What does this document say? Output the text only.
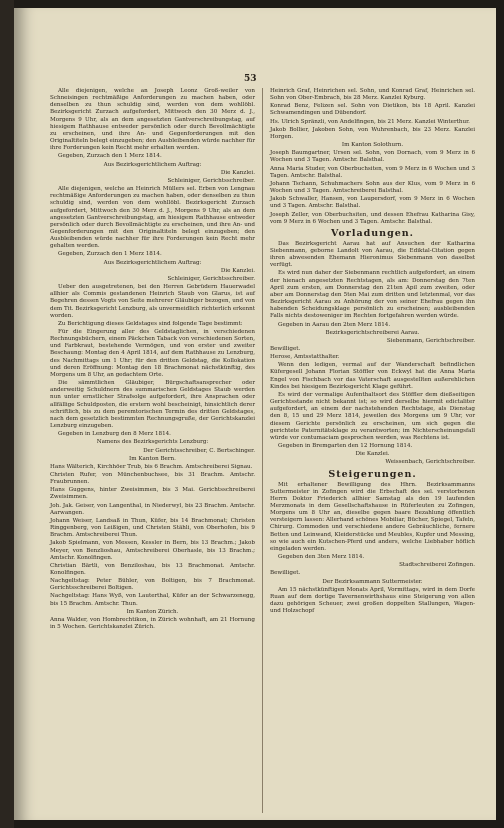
53

Alle diejenigen, welche an Joseph Leonz Groß-weiler von Schneisingen rechtmäßige Anforderungen zu machen haben, oder denselben zu thun schuldig sind, werden von dem wohllöbl. Bezirksgericht Zurzach aufgefordert, Mittwoch den 30 Merz d. J., Morgens 9 Uhr, als an dem angesetzten Gantverschreibungstag, auf hiesigem Rathhause entweder persönlich oder durch Bevollmächtigte zu erscheinen, und ihre An- und Gegenforderungen mit den Originaltiteln belegt einzugeben; den Ausbleibenden würde nachher für ihre Forderungen kein Recht mehr erhalten werden.

Gegeben, Zurzach den 1 Merz 1814.

Aus Bezirksgerichtlichem Auftrag:

Die Kanzlei.

Schleiniger, Gerichtsschreiber.

Alle diejenigen, welche an Heinrich Müllers sel. Erben von Lengnau rechtmäßige Anforderungen zu machen haben, oder denselben zu thun schuldig sind, werden von dem wohllöbl. Bezirksgericht Zurzach aufgefordert, Mittwoch den 30 Merz d. J., Morgens 9 Uhr, als an dem angesetzten Gantverschreibungstag, am hiesigem Rathhause entweder persönlich oder durch Bevollmächtigte zu erscheinen, und ihre An- und Gegenforderungen mit den Originaltiteln belegt einzugeben; den Ausbleibenden würde nachher für ihre Forderungen kein Recht mehr gehalten werden.

Gegeben, Zurzach den 1 Merz 1814.

Aus Bezirksgerichtlichem Auftrag:

Die Kanzlei.

Schleiniger, Gerichtsschreiber.

Ueber den ausgetretenen, bei den Herren Gebrüdern Hauerwadel allhier als Commis gestandenen Heinrich Staub von Glarus, ist auf Begehren dessen Vogts von Seite mehrerer Gläubiger bezogen, und von dem Tit. Bezirksgericht Lenzburg, als unvermeidlich richterlich erkennt worden.

Zu Berichtigung dieses Geldstages sind folgende Tage bestimmt:

Für die Eingerung aller des Geldstaglichen, in verschiedenen Rechnungsbüchern, einem Päckchen Taback von verschiedenen Sorten, und Farbkraut, bestehende Vermögen, und von erster und zweiter Beschaung: Montag den 4 April 1814, auf dem Rathhause zu Lenzburg, des Nachmittags um 1 Uhr; für den dritten Geldstag, die Kollokation und deren Eröffnung: Montag den 18 Brachmonat nächstkünftig, des Morgens um 8 Uhr, an gedachtem Orte.

Die sämmtlichen Gläubiger, Bürgschaftsansprecher oder anderweitig Schuldnern des summarischen Geldstages Staub werden nun unter ernstlicher Strafsolge aufgefordert, ihre Ansprachen oder allfällige Schuldposten, die erstern wohl bescheinigt, hinsichtlich derer schriftlich, bis zu dem peremtorischen Termin des dritten Geldstages, nach dem gesetzlich bestimmten Rechnungsgruße, der Gerichtskanzlei Lenzburg einzugeben.

Gegeben in Lenzburg den 8 Merz 1814.

Namens des Bezirksgerichts Lenzburg:

Der Gerichtsschreiber, C. Bertschinger.

Im Kanton Bern.

Hans Wälterich, Kirchhöer Trub, bis 6 Brachm. Amtschreiberei Signau.

Christen Rufer, von Münchenbuchsee, bis 31 Brachm. Amtschr. Fraubrunnen.

Hans Guggens, hinter Zweisimmen, bis 3 Mai. Gerichtsschreiberei Zweisimmen.

Joh. Jak. Geiser, von Langenthal, in Niederwyl, bis 23 Brachm. Amtschr. Aarwangen.

Johann Weiser, Landsaß in Thun, Küfer, bis 14 Brachmonat; Christen Ringgenberg, von Leißigen, und Christen Stähli, von Oberhofen, bis 9 Brachm. Amtschreiberei Thun.

Jakob Spielmann, von Messen, Kessler in Bern, bis 13 Brachm.; Jakob Meyer, von Benzlioshau, Amtschreiberei Oberhasle, bis 13 Brachm.; Amtschr. Konolfingen.

Christian Bärtli, von Benziloshau, bis 13 Brachmonat. Amtschr. Konolfingen.

Nachgeltstag: Peter Bühler, von Boltigen, bis 7 Brachmonat. Gerichtsschreiberei Boltigen.

Nachgeltstag: Hans Wyß, von Lauterthal, Küfer an der Schwarzenegg, bis 15 Brachm. Amtschr. Thun.

Im Kanton Zürich.

Anna Walder, von Hombrechtikon, in Zürich wohnhaft, am 21 Hornung in 5 Wochen. Gerichtskanzlei Zürich.

Heinrich Graf, Heinrichen sel. Sohn, und Konrad Graf, Heinrichen sel. Sohn von Ober-Embrach, bis 28 Merz. Kanzlei Kyburg.

Konrad Benz, Felizen sel. Sohn von Dietikon, bis 18 April. Kanzlei Schwamendingen und Dübendorf.

Hs. Ulrich Spränzli, von Andelfingen, bis 21 Merz. Kanzlei Winterthur.

Jakob Bollier, Jakoben Sohn, von Wuhrenbach, bis 23 Merz. Kanzlei Horgen.

Im Kanton Solothurn.

Joseph Baumgartner, Ursen sel. Sohn, von Dornach, vom 9 Merz in 6 Wochen und 3 Tagen. Amtschr. Balsthal.

Anna Maria Studer, von Oberbuchsiten, vom 9 Merz in 6 Wochen und 3 Tagen. Amtschr. Balsthal.

Johann Tschann, Schuhmachers Sohn aus der Klus, vom 9 Merz in 6 Wochen und 3 Tagen. Amtschreiberei Balsthal.

Jakob Schwaller, Hansen, von Laupersdorf, vom 9 Merz in 6 Wochen und 3 Tagen. Amtschr. Balsthal.

Joseph Zeller, von Oberbuchsiten, und dessen Ehefrau Katharina Gisy, vom 9 Merz in 6 Wochen und 3 Tagen. Amtschr. Balsthal.

Vorladungen.

Das Bezirksgericht Aarau hat auf Ansuchen der Katharina Siebenmann, geborne Landolt von Aarau, die Ediktal-Citation gegen ihren abwesenden Ehemann Hieronimus Siebenmann von daselbst verfügt.

Es wird nun daher der Siebenmann rechtlich aufgefordert, an einem der hienach angesetzten Rechtstagen, als am: Donnerstag den 7ten April zum ersten, am Donnerstag den 21ten Apil zum zweiten, oder aber am Donnerstag den 5ten Mai zum dritten und letztenmal, vor das Bezirksgericht Aarau zu Anhörung der von seiner Ehefrau gegen ihn habenden Scheidungsklage persönlich zu erscheinen; ausbleibenden Falls nichts destoweniger im Rechten fortgefahren werden würde.

Gegeben in Aarau den 2ten Merz 1814.

Bezirksgerichtschreiberei Aarau.

Siebenmann, Gerichtschreiber.

Bewilliget.

Herose, Amtsstatthalter.

Wenn den ledigen, vermal auf der Wanderschaft befindlichen Küfergesell Johann Florian Stöffler von Eckwyl hat die Anna Maria Engel von Fischbach vor das Vaterschaft ausgestellten außerehlichen Kindes bei hiesigem Bezirksgericht Klage geführt.

Es wird der vermalige Aufenthaltsort des Stöffler dem dießseitigen Gerichtsstande nicht bekannt ist; so wird derselbe hiermit edictaliter aufgefordert, an einem der nachstehenden Rechtstage, als Dienstag den 8, 15 und 29 Merz 1814, jeweilen des Morgens um 9 Uhr, vor diesem Gerichte persönlich zu erscheinen, um sich gegen die gerichtete Paternitätsklage zu verantworten; im Nichterscheinungsfall würde vor contumaciam gesprochen werden, was Rechtens ist.

Gegeben in Bremgarten den 12 Hornung 1814.

Die Kanzlei.

Weissenbach, Gerichtschreiber.

Steigerungen.

Mit erhaltener Bewilligung des Hhrn. Bezirksammanns Suttermeister in Zofingen wird die Erbschaft des sel. verstorbenen Herrn Doktor Friederich allhier Samstag als den 19 laufenden Merzmonats in dem Gesellschaftshause in Rüferleuten zu Zofingen, Morgens um 8 Uhr an, dieselbe gegen baare Bezahlung öffentlich versteigern lassen: Allerhand schönes Mobiliar, Bücher, Spiegel, Tafeln, Chirurg. Commoden und verschiedene andere Gebräuchliche, fernere Betten und Leinwand, Kleiderstücke und Meubles, Kupfer und Messing, so wie auch ein Kutschen-Pferd und anders, welche Liebhaber höflich eingeladen werden.

Gegeben den 3ten Merz 1814.

Stadtschreiberei Zofingen.

Bewilliget.

Der Bezirksammann Suttermeister.

Am 15 nächstkünftigen Monats April, Vormittags, wird in dem Dorfe Ruan auf dem dortige Tavernenwirthshaus eine Steigerung von allen dazu gehörigen Scheuer, zwei großen doppelten Stallungen, Wagen- und Holzschopf
